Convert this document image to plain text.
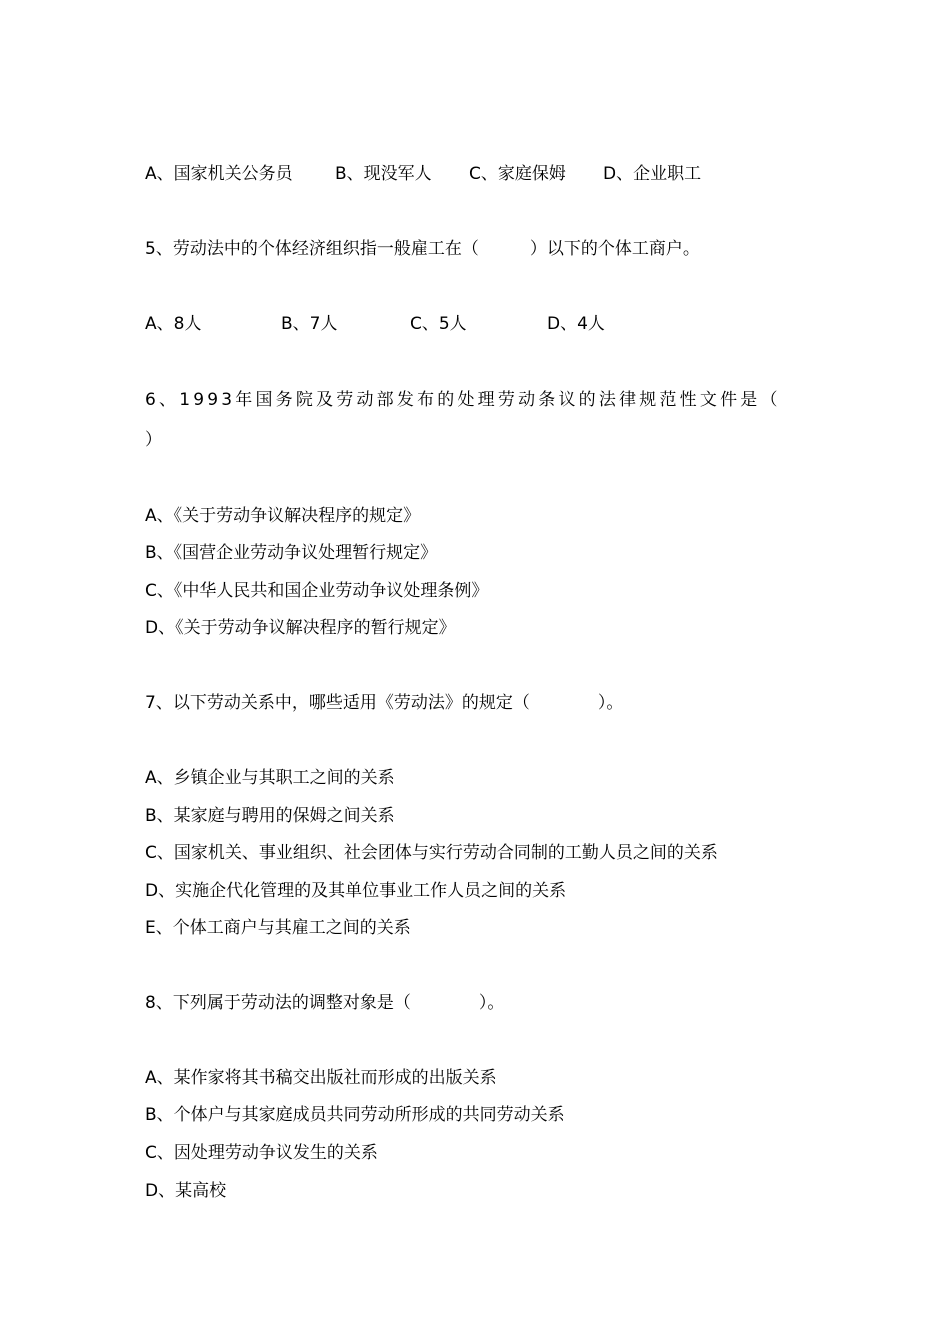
A、国家机关公务员 B、现没军人 C、家庭保姆 D、企业职工

5、劳动法中的个体经济组织指一般雇工在（　　　）以下的个体工商户。

A、8人	B、7人	C、5人	D、4人

6、1993年国务院及劳动部发布的处理劳动条议的法律规范性文件是（

）

A、《关于劳动争议解决程序的规定》

B、《国营企业劳动争议处理暂行规定》

C、《中华人民共和国企业劳动争议处理条例》

D、《关于劳动争议解决程序的暂行规定》

7、以下劳动关系中，哪些适用《劳动法》的规定（　　　　）。

A、乡镇企业与其职工之间的关系

B、某家庭与聘用的保姆之间关系

C、国家机关、事业组织、社会团体与实行劳动合同制的工勤人员之间的关系

D、实施企代化管理的及其单位事业工作人员之间的关系

E、个体工商户与其雇工之间的关系

8、下列属于劳动法的调整对象是（　　　　）。

A、某作家将其书稿交出版社而形成的出版关系

B、个体户与其家庭成员共同劳动所形成的共同劳动关系

C、因处理劳动争议发生的关系

D、某高校
